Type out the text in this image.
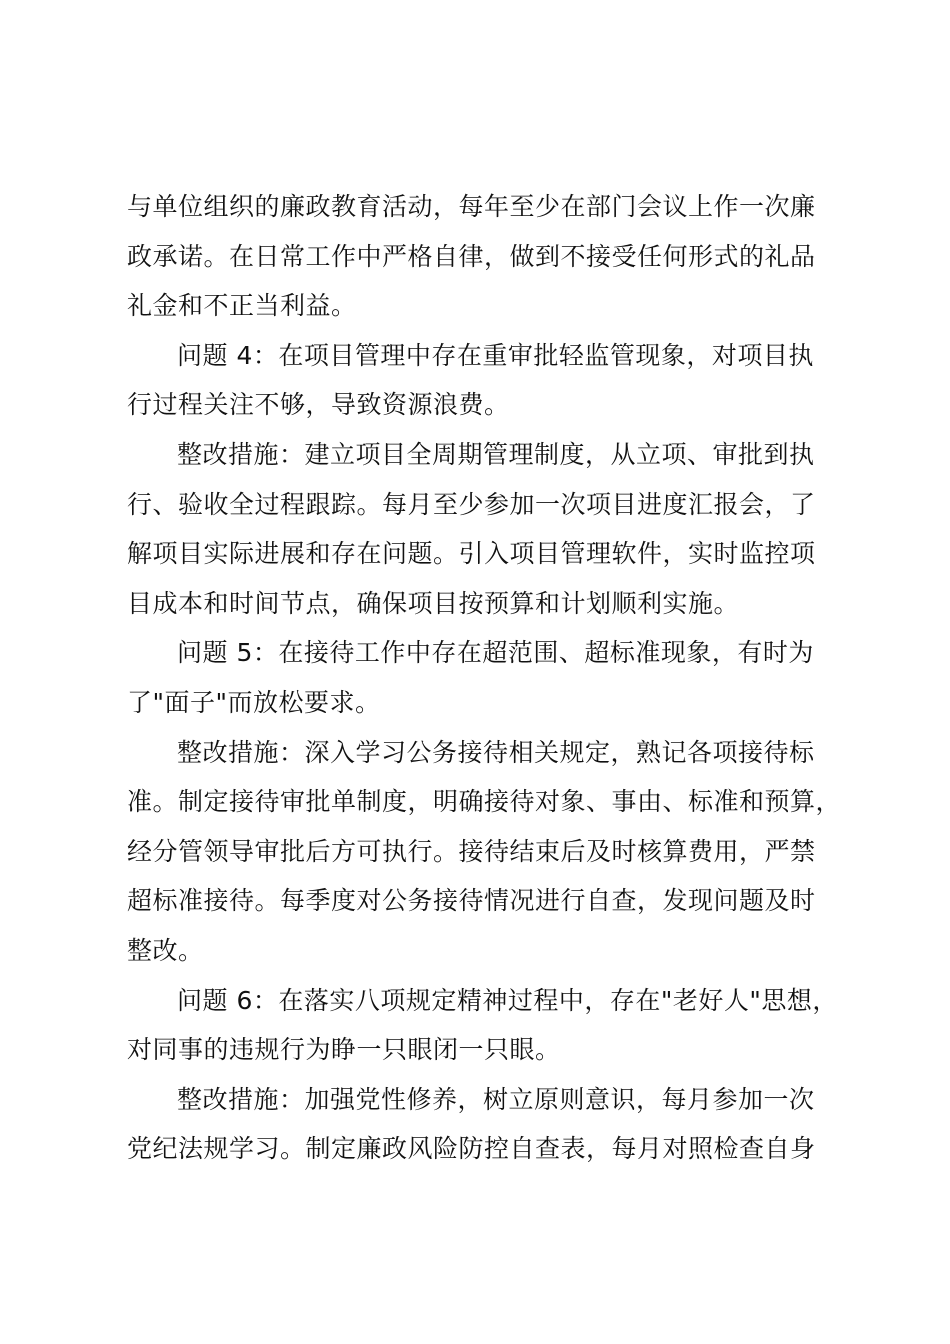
与单位组织的廉政教育活动，每年至少在部门会议上作一次廉
政承诺。在日常工作中严格自律，做到不接受任何形式的礼品
礼金和不正当利益。
问题 4：在项目管理中存在重审批轻监管现象，对项目执
行过程关注不够，导致资源浪费。
整改措施：建立项目全周期管理制度，从立项、审批到执
行、验收全过程跟踪。每月至少参加一次项目进度汇报会，了
解项目实际进展和存在问题。引入项目管理软件，实时监控项
目成本和时间节点，确保项目按预算和计划顺利实施。
问题 5：在接待工作中存在超范围、超标准现象，有时为
了"面子"而放松要求。
整改措施：深入学习公务接待相关规定，熟记各项接待标
准。制定接待审批单制度，明确接待对象、事由、标准和预算，
经分管领导审批后方可执行。接待结束后及时核算费用，严禁
超标准接待。每季度对公务接待情况进行自查，发现问题及时
整改。
问题 6：在落实八项规定精神过程中，存在"老好人"思想，
对同事的违规行为睁一只眼闭一只眼。
整改措施：加强党性修养，树立原则意识，每月参加一次
党纪法规学习。制定廉政风险防控自查表，每月对照检查自身
